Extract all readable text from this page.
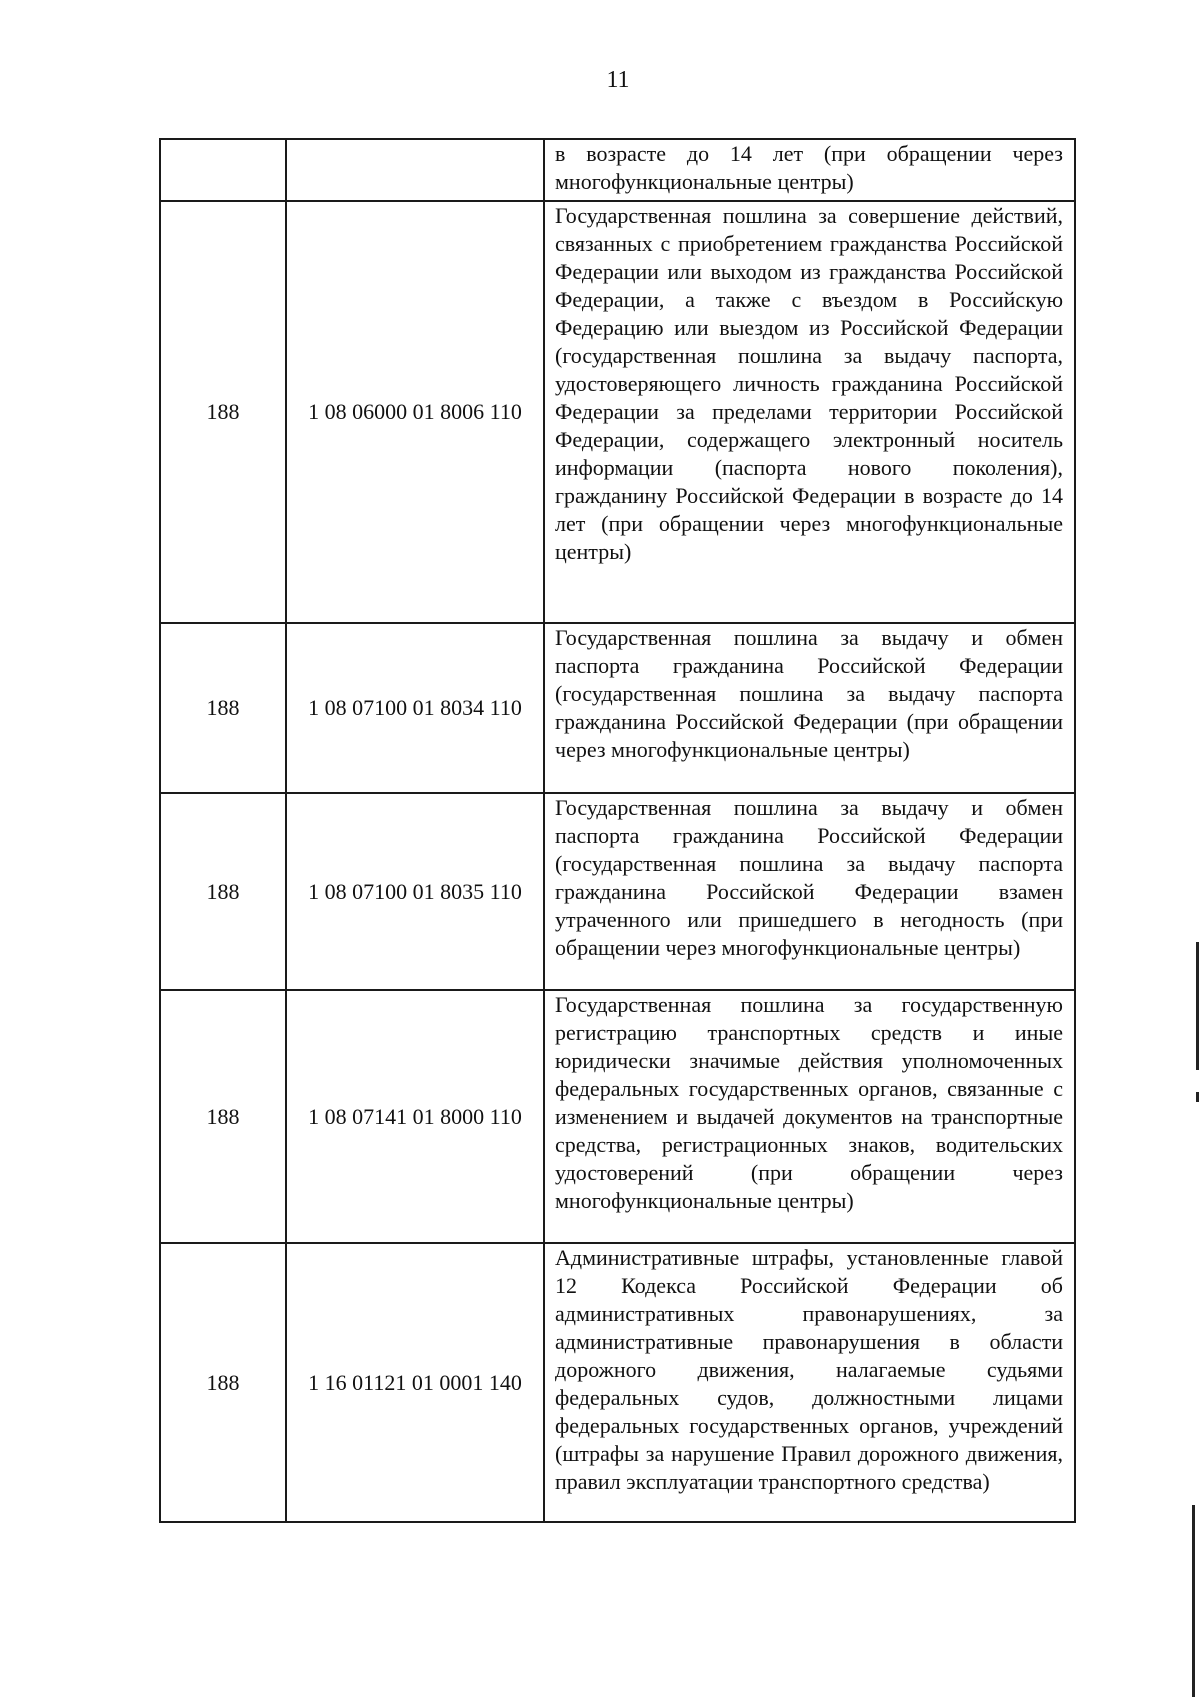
11

		в возрасте до 14 лет (при обращении через многофункциональные центры)

188	1 08 06000 01 8006 110	Государственная пошлина за совершение действий, связанных с приобретением гражданства Российской Федерации или выходом из гражданства Российской Федерации, а также с въездом в Российскую Федерацию или выездом из Российской Федерации (государственная пошлина за выдачу паспорта, удостоверяющего личность гражданина Российской Федерации за пределами территории Российской Федерации, содержащего электронный носитель информации (паспорта нового поколения), гражданину Российской Федерации в возрасте до 14 лет (при обращении через многофункциональные центры)

188	1 08 07100 01 8034 110	Государственная пошлина за выдачу и обмен паспорта гражданина Российской Федерации (государственная пошлина за выдачу паспорта гражданина Российской Федерации (при обращении через многофункциональные центры)

188	1 08 07100 01 8035 110	Государственная пошлина за выдачу и обмен паспорта гражданина Российской Федерации (государственная пошлина за выдачу паспорта гражданина Российской Федерации взамен утраченного или пришедшего в негодность (при обращении через многофункциональные центры)

188	1 08 07141 01 8000 110	Государственная пошлина за государственную регистрацию транспортных средств и иные юридически значимые действия уполномоченных федеральных государственных органов, связанные с изменением и выдачей документов на транспортные средства, регистрационных знаков, водительских удостоверений (при обращении через многофункциональные центры)

188	1 16 01121 01 0001 140	Административные штрафы, установленные главой 12 Кодекса Российской Федерации об административных правонарушениях, за административные правонарушения в области дорожного движения, налагаемые судьями федеральных судов, должностными лицами федеральных государственных органов, учреждений (штрафы за нарушение Правил дорожного движения, правил эксплуатации транспортного средства)
